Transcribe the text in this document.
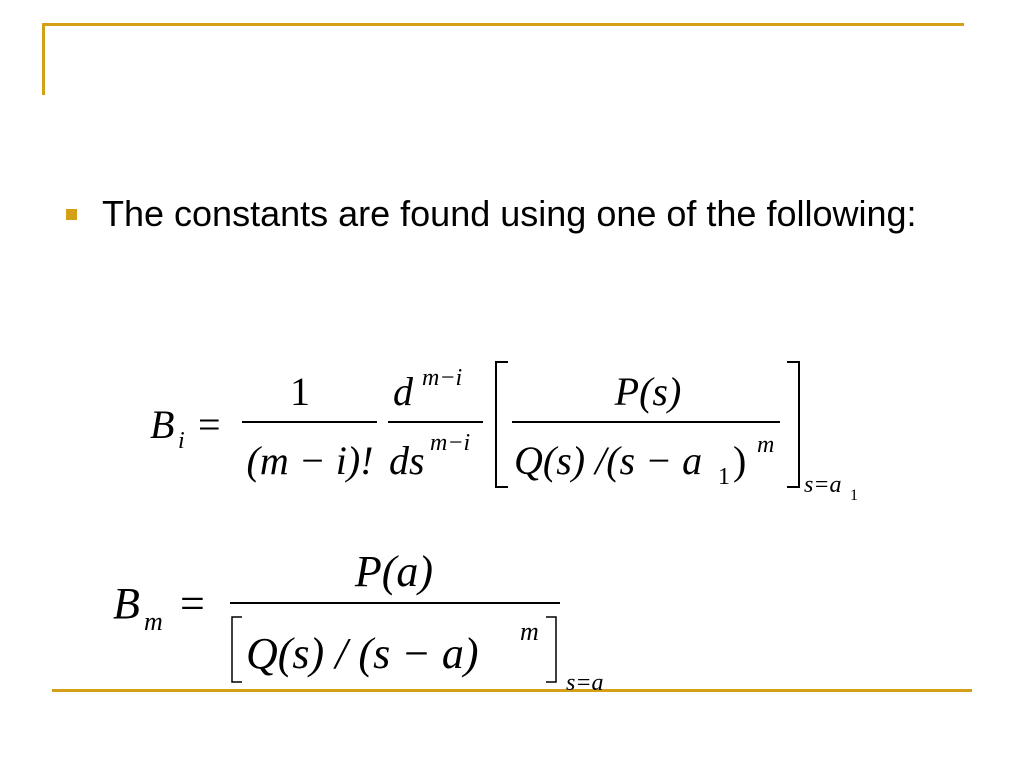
The constants are found using one of the following:
B i =
1
(m − i)!
d m−i
ds m−i
P(s)
Q(s) /(s − a 1 ) m
s=a 1
B m =
P(a)
Q(s) / (s − a) m
s=a
